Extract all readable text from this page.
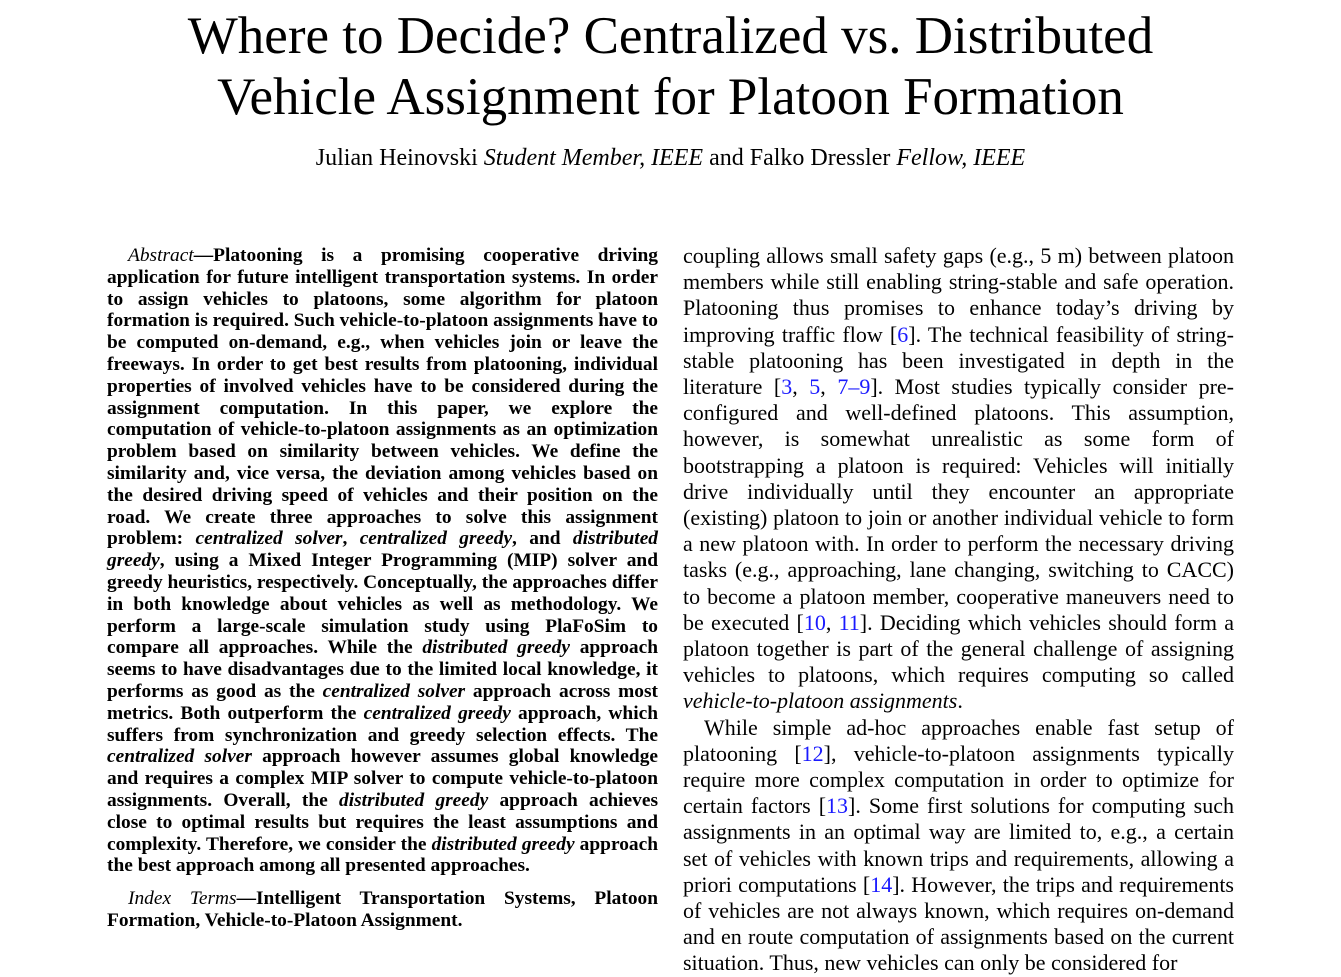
Where to Decide? Centralized vs. Distributed
Vehicle Assignment for Platoon Formation
Julian Heinovski Student Member, IEEE and Falko Dressler Fellow, IEEE

Abstract—Platooning is a promising cooperative driving application for future intelligent transportation systems. In order to assign vehicles to platoons, some algorithm for platoon formation is required. Such vehicle-to-platoon assignments have to be computed on-demand, e.g., when vehicles join or leave the freeways. In order to get best results from platooning, individual properties of involved vehicles have to be considered during the assignment computation. In this paper, we explore the computation of vehicle-to-platoon assignments as an optimization problem based on similarity between vehicles. We define the similarity and, vice versa, the deviation among vehicles based on the desired driving speed of vehicles and their position on the road. We create three approaches to solve this assignment problem: centralized solver, centralized greedy, and distributed greedy, using a Mixed Integer Programming (MIP) solver and greedy heuristics, respectively. Conceptually, the approaches differ in both knowledge about vehicles as well as methodology. We perform a large-scale simulation study using PlaFoSim to compare all approaches. While the distributed greedy approach seems to have disadvantages due to the limited local knowledge, it performs as good as the centralized solver approach across most metrics. Both outperform the centralized greedy approach, which suffers from synchronization and greedy selection effects. The centralized solver approach however assumes global knowledge and requires a complex MIP solver to compute vehicle-to-platoon assignments. Overall, the distributed greedy approach achieves close to optimal results but requires the least assumptions and complexity. Therefore, we consider the distributed greedy approach the best approach among all presented approaches.

Index Terms—Intelligent Transportation Systems, Platoon Formation, Vehicle-to-Platoon Assignment.

coupling allows small safety gaps (e.g., 5 m) between platoon members while still enabling string-stable and safe operation. Platooning thus promises to enhance today’s driving by improving traffic flow [6]. The technical feasibility of string-stable platooning has been investigated in depth in the literature [3, 5, 7–9]. Most studies typically consider pre-configured and well-defined platoons. This assumption, however, is somewhat unrealistic as some form of bootstrapping a platoon is required: Vehicles will initially drive individually until they encounter an appropriate (existing) platoon to join or another individual vehicle to form a new platoon with. In order to perform the necessary driving tasks (e.g., approaching, lane changing, switching to CACC) to become a platoon member, cooperative maneuvers need to be executed [10, 11]. Deciding which vehicles should form a platoon together is part of the general challenge of assigning vehicles to platoons, which requires computing so called vehicle-to-platoon assignments.

While simple ad-hoc approaches enable fast setup of platooning [12], vehicle-to-platoon assignments typically require more complex computation in order to optimize for certain factors [13]. Some first solutions for computing such assignments in an optimal way are limited to, e.g., a certain set of vehicles with known trips and requirements, allowing a priori computations [14]. However, the trips and requirements of vehicles are not always known, which requires on-demand and en route computation of assignments based on the current situation. Thus, new vehicles can only be considered for
